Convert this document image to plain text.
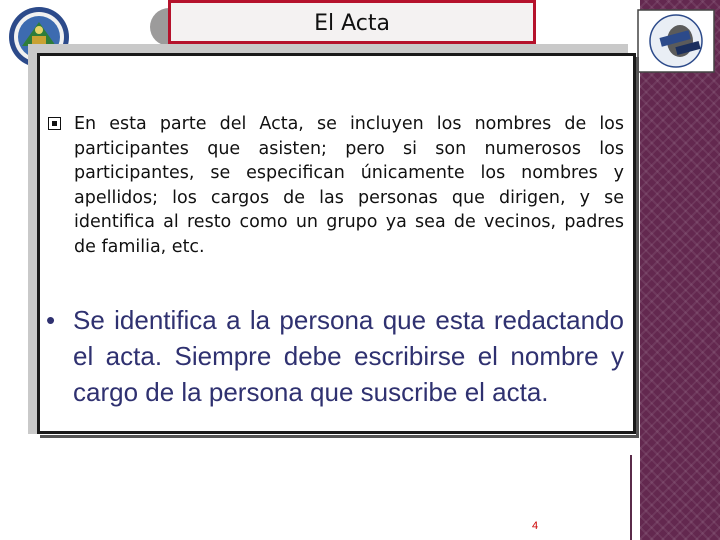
El Acta
En esta parte del Acta, se incluyen los nombres de los participantes que asisten; pero si son numerosos los participantes, se especifican únicamente los nombres y apellidos; los cargos de las personas que dirigen, y se identifica al resto como un grupo ya sea de vecinos, padres de familia, etc.
• Se identifica a la persona que esta redactando el acta. Siempre debe escribirse el nombre y cargo de la persona que suscribe el acta.
4
